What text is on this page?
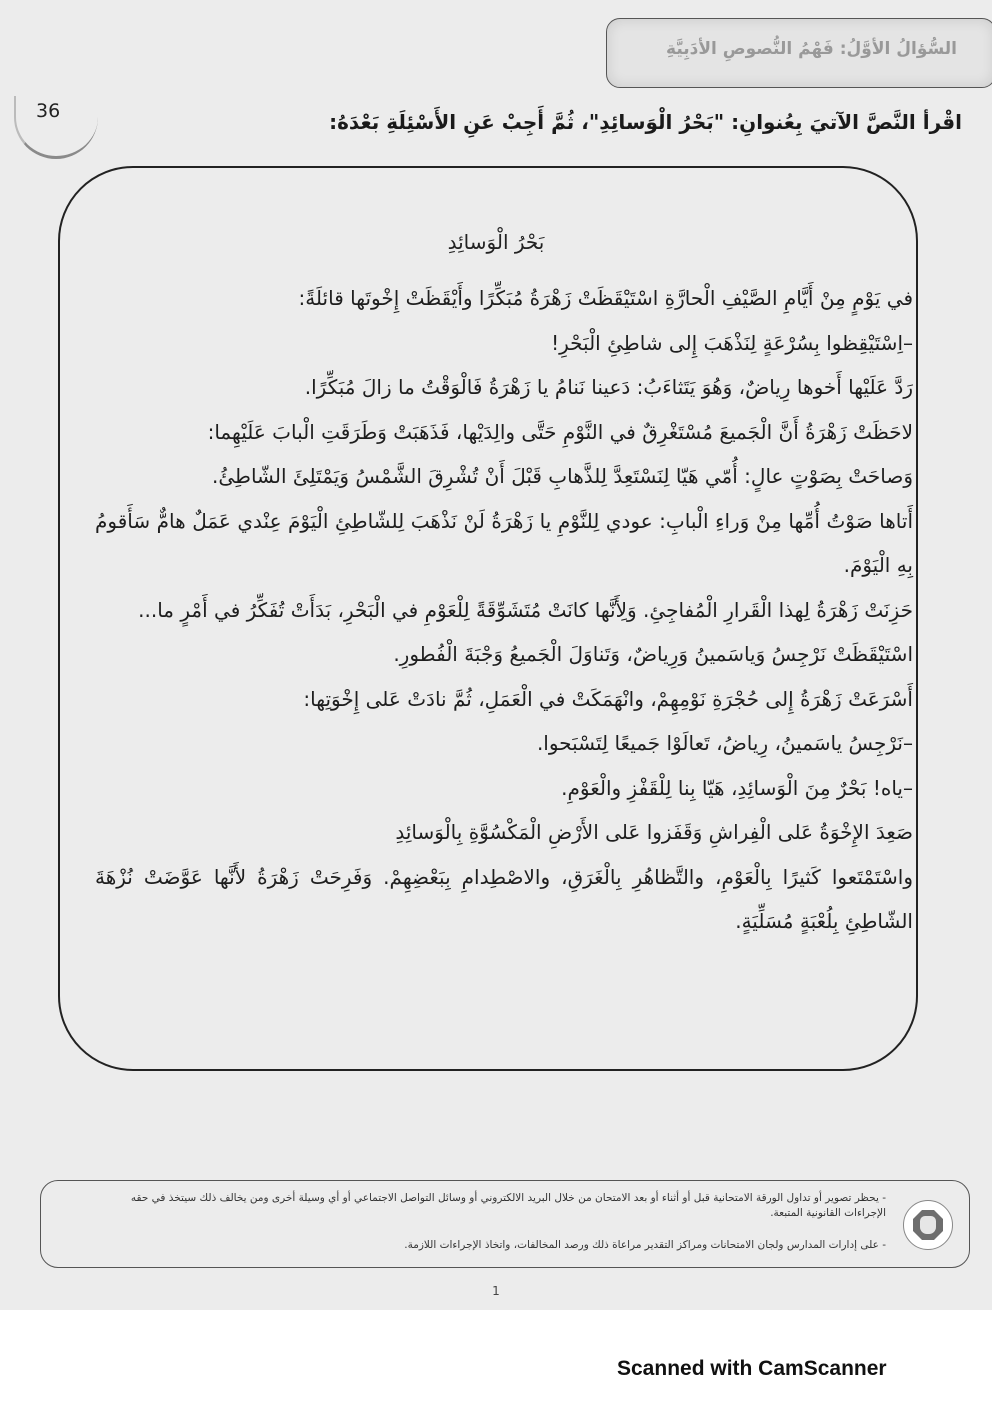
السُّؤالُ الأوَّلُ: فَهْمُ النُّصوصِ الأدَبِيَّةِ
36	اقْرأ النَّصَّ الآتيَ بِعُنوانِ: "بَحْرُ الْوَسائِدِ"، ثُمَّ أَجِبْ عَنِ الأَسْئِلَةِ بَعْدَهُ:
بَحْرُ الْوَسائِدِ

في يَوْمٍ مِنْ أَيَّامِ الصَّيْفِ الْحارَّةِ اسْتَيْقَظَتْ زَهْرَةُ مُبَكِّرًا وأَيْقَظَتْ إِخْوتَها قائلَةً:

–اِسْتَيْقِظوا بِسُرْعَةٍ لِنَذْهَبَ إِلى شاطِئِ الْبَحْرِ!

رَدَّ عَلَيْها أَخوها رِياضٌ، وَهُوَ يَتَثاءَبُ: دَعينا نَنامُ يا زَهْرَةُ فَالْوَقْتُ ما زالَ مُبَكِّرًا.

لاحَظَتْ زَهْرَةُ أَنَّ الْجَميعَ مُسْتَغْرِقٌ في النَّوْمِ حَتَّى والِدَيْها، فَذَهَبَتْ وَطَرَقَتِ الْبابَ عَلَيْهِما:

وَصاحَتْ بِصَوْتٍ عالٍ: أُمّي هَيّا لِنَسْتَعِدَّ لِلذَّهابِ قَبْلَ أَنْ تُشْرِقَ الشَّمْسُ وَيَمْتَلِئَ الشّاطِئُ.

أَتاها صَوْتُ أُمِّها مِنْ وَراءِ الْبابِ: عودي لِلنَّوْمِ يا زَهْرَةُ لَنْ نَذْهَبَ لِلشّاطِئِ الْيَوْمَ عِنْدي عَمَلٌ هامٌّ سَأَقومُ بِهِ الْيَوْمَ.

حَزِنَتْ زَهْرَةُ لِهذا الْقَرارِ الْمُفاجِئِ. وَلِأَنَّها كانَتْ مُتَشَوِّقَةً لِلْعَوْمِ في الْبَحْرِ، بَدَأَتْ تُفَكِّرُ في أَمْرٍ ما...

اسْتَيْقَظَتْ نَرْجِسُ وَياسَمينُ وَرِياضٌ، وَتَناوَلَ الْجَميعُ وَجْبَةَ الْفُطورِ.

أَسْرَعَتْ زَهْرَةُ إِلى حُجْرَةِ نَوْمِهِمْ، وانْهَمَكَتْ في الْعَمَلِ، ثُمَّ نادَتْ عَلى إِخْوَتِها:

–نَرْجِسُ ياسَمينُ، رِياضُ، تَعالَوْا جَميعًا لِتَسْبَحوا.

–ياه! بَحْرٌ مِنَ الْوَسائِدِ، هَيّا بِنا لِلْقَفْزِ والْعَوْمِ.

صَعِدَ الإِخْوَةُ عَلى الْفِراشِ وَقَفَزوا عَلى الأَرْضِ الْمَكْسُوَّةِ بِالْوَسائِدِ

واسْتَمْتَعوا كَثيرًا بِالْعَوْمِ، والتَّظاهُرِ بِالْغَرَقِ، والاصْطِدامِ بِبَعْضِهِمْ. وَفَرِحَتْ زَهْرَةُ لأَنَّها عَوَّضَتْ نُزْهَةَ الشّاطِئِ بِلُعْبَةٍ مُسَلِّيَةٍ.

- يحظر تصوير أو تداول الورقة الامتحانية قبل أو أثناء أو بعد الامتحان من خلال البريد الالكتروني أو وسائل التواصل الاجتماعي أو أي وسيلة أخرى ومن يخالف ذلك سيتخذ في حقه الإجراءات القانونية المتبعة.
- على إدارات المدارس ولجان الامتحانات ومراكز التقدير مراعاة ذلك ورصد المخالفات، واتخاذ الإجراءات اللازمة.
1
Scanned with CamScanner
